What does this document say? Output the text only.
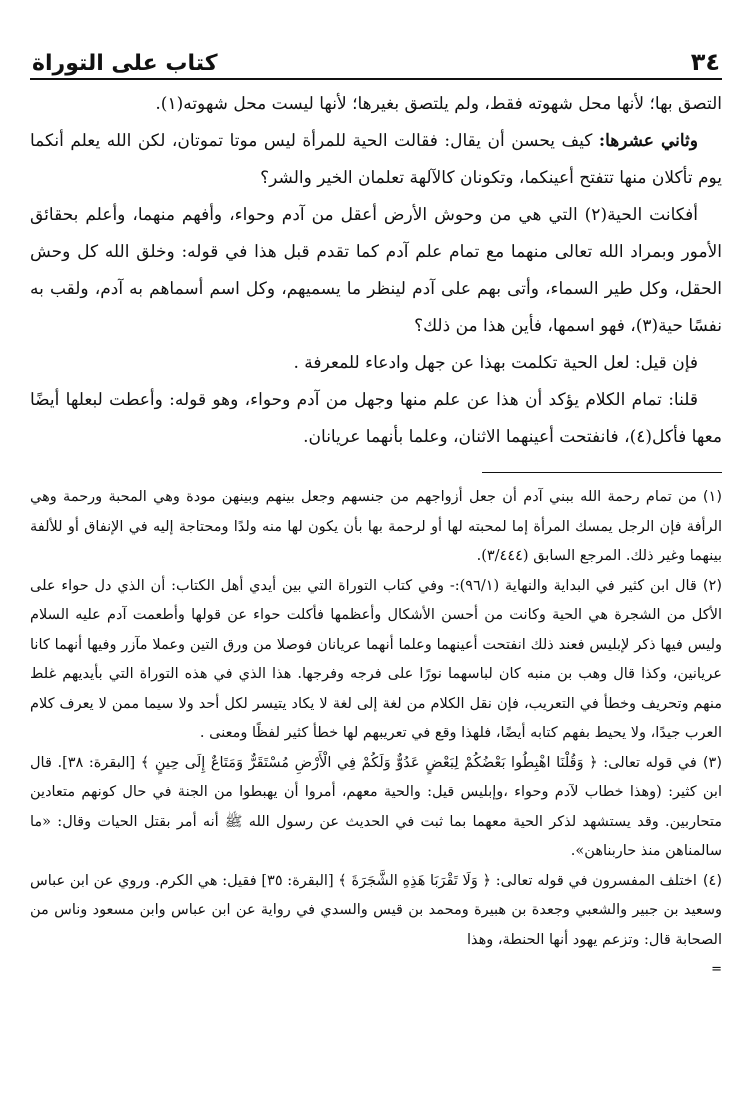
٣٤
كتاب على التوراة

التصق بها؛ لأنها محل شهوته فقط، ولم يلتصق بغيرها؛ لأنها ليست محل شهوته(١).

وثاني عشرها: كيف يحسن أن يقال: فقالت الحية للمرأة ليس موتا تموتان، لكن الله يعلم أنكما يوم تأكلان منها تتفتح أعينكما، وتكونان كالآلهة تعلمان الخير والشر؟

أفكانت الحية(٢) التي هي من وحوش الأرض أعقل من آدم وحواء، وأفهم منهما، وأعلم بحقائق الأمور وبمراد الله تعالى منهما مع تمام علم آدم كما تقدم قبل هذا في قوله: وخلق الله كل وحش الحقل، وكل طير السماء، وأتى بهم على آدم لينظر ما يسميهم، وكل اسم أسماهم به آدم، ولقب به نفسًا حية(٣)، فهو اسمها، فأين هذا من ذلك؟

فإن قيل: لعل الحية تكلمت بهذا عن جهل وادعاء للمعرفة .

قلنا: تمام الكلام يؤكد أن هذا عن علم منها وجهل من آدم وحواء، وهو قوله: وأعطت لبعلها أيضًا معها فأكل(٤)، فانفتحت أعينهما الاثنان، وعلما بأنهما عريانان.

(١)من تمام رحمة الله ببني آدم أن جعل أزواجهم من جنسهم وجعل بينهم وبينهن مودة وهي المحبة ورحمة وهي الرأفة فإن الرجل يمسك المرأة إما لمحبته لها أو لرحمة بها بأن يكون لها منه ولدًا ومحتاجة إليه في الإنفاق أو للألفة بينهما وغير ذلك. المرجع السابق (٣/٤٤٤).

(٢)قال ابن كثير في البداية والنهاية (٩٦/١):- وفي كتاب التوراة التي بين أيدي أهل الكتاب: أن الذي دل حواء على الأكل من الشجرة هي الحية وكانت من أحسن الأشكال وأعظمها فأكلت حواء عن قولها وأطعمت آدم عليه السلام وليس فيها ذكر لإبليس فعند ذلك انفتحت أعينهما وعلما أنهما عريانان فوصلا من ورق التين وعملا مآزر وفيها أنهما كانا عريانين، وكذا قال وهب بن منبه كان لباسهما نورًا على فرجه وفرجها. هذا الذي في هذه التوراة التي بأيديهم غلط منهم وتحريف وخطأ في التعريب، فإن نقل الكلام من لغة إلى لغة لا يكاد يتيسر لكل أحد ولا سيما ممن لا يعرف كلام العرب جيدًا، ولا يحيط بفهم كتابه أيضًا، فلهذا وقع في تعريبهم لها خطأ كثير لفظًا ومعنى .

(٣)في قوله تعالى: ﴿ وَقُلْنَا اهْبِطُوا بَعْضُكُمْ لِبَعْضٍ عَدُوٌّ وَلَكُمْ فِي الْأَرْضِ مُسْتَقَرٌّ وَمَتَاعٌ إِلَى حِينٍ ﴾ [البقرة: ٣٨]. قال ابن كثير: (وهذا خطاب لآدم وحواء ،وإبليس قيل: والحية معهم، أمروا أن يهبطوا من الجنة في حال كونهم متعادين متحاربين. وقد يستشهد لذكر الحية معهما بما ثبت في الحديث عن رسول الله ﷺ أنه أمر بقتل الحيات وقال: «ما سالمناهن منذ حاربناهن».

(٤)اختلف المفسرون في قوله تعالى: ﴿ وَلَا تَقْرَبَا هَذِهِ الشَّجَرَةَ ﴾ [البقرة: ٣٥] فقيل: هي الكرم. وروي عن ابن عباس وسعيد بن جبير والشعبي وجعدة بن هبيرة ومحمد بن قيس والسدي في رواية عن ابن عباس وابن مسعود وناس من الصحابة قال: وتزعم يهود أنها الحنطة، وهذا

=
